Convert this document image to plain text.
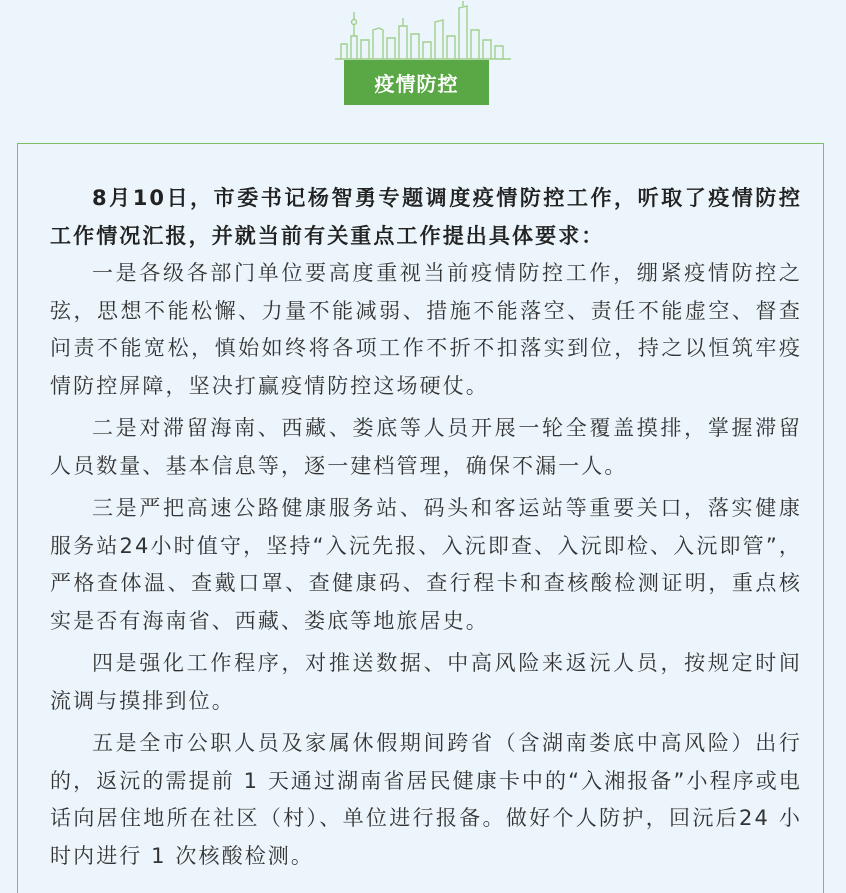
疫情防控

8月10日，市委书记杨智勇专题调度疫情防控工作，听取了疫情防控工作情况汇报，并就当前有关重点工作提出具体要求：

一是各级各部门单位要高度重视当前疫情防控工作，绷紧疫情防控之弦，思想不能松懈、力量不能减弱、措施不能落空、责任不能虚空、督查问责不能宽松，慎始如终将各项工作不折不扣落实到位，持之以恒筑牢疫情防控屏障，坚决打赢疫情防控这场硬仗。

二是对滞留海南、西藏、娄底等人员开展一轮全覆盖摸排，掌握滞留人员数量、基本信息等，逐一建档管理，确保不漏一人。

三是严把高速公路健康服务站、码头和客运站等重要关口，落实健康服务站24小时值守，坚持“入沅先报、入沅即查、入沅即检、入沅即管”，严格查体温、查戴口罩、查健康码、查行程卡和查核酸检测证明，重点核实是否有海南省、西藏、娄底等地旅居史。

四是强化工作程序，对推送数据、中高风险来返沅人员，按规定时间流调与摸排到位。

五是全市公职人员及家属休假期间跨省（含湖南娄底中高风险）出行的，返沅的需提前 1 天通过湖南省居民健康卡中的“入湘报备”小程序或电话向居住地所在社区（村）、单位进行报备。做好个人防护，回沅后24 小时内进行 1 次核酸检测。
